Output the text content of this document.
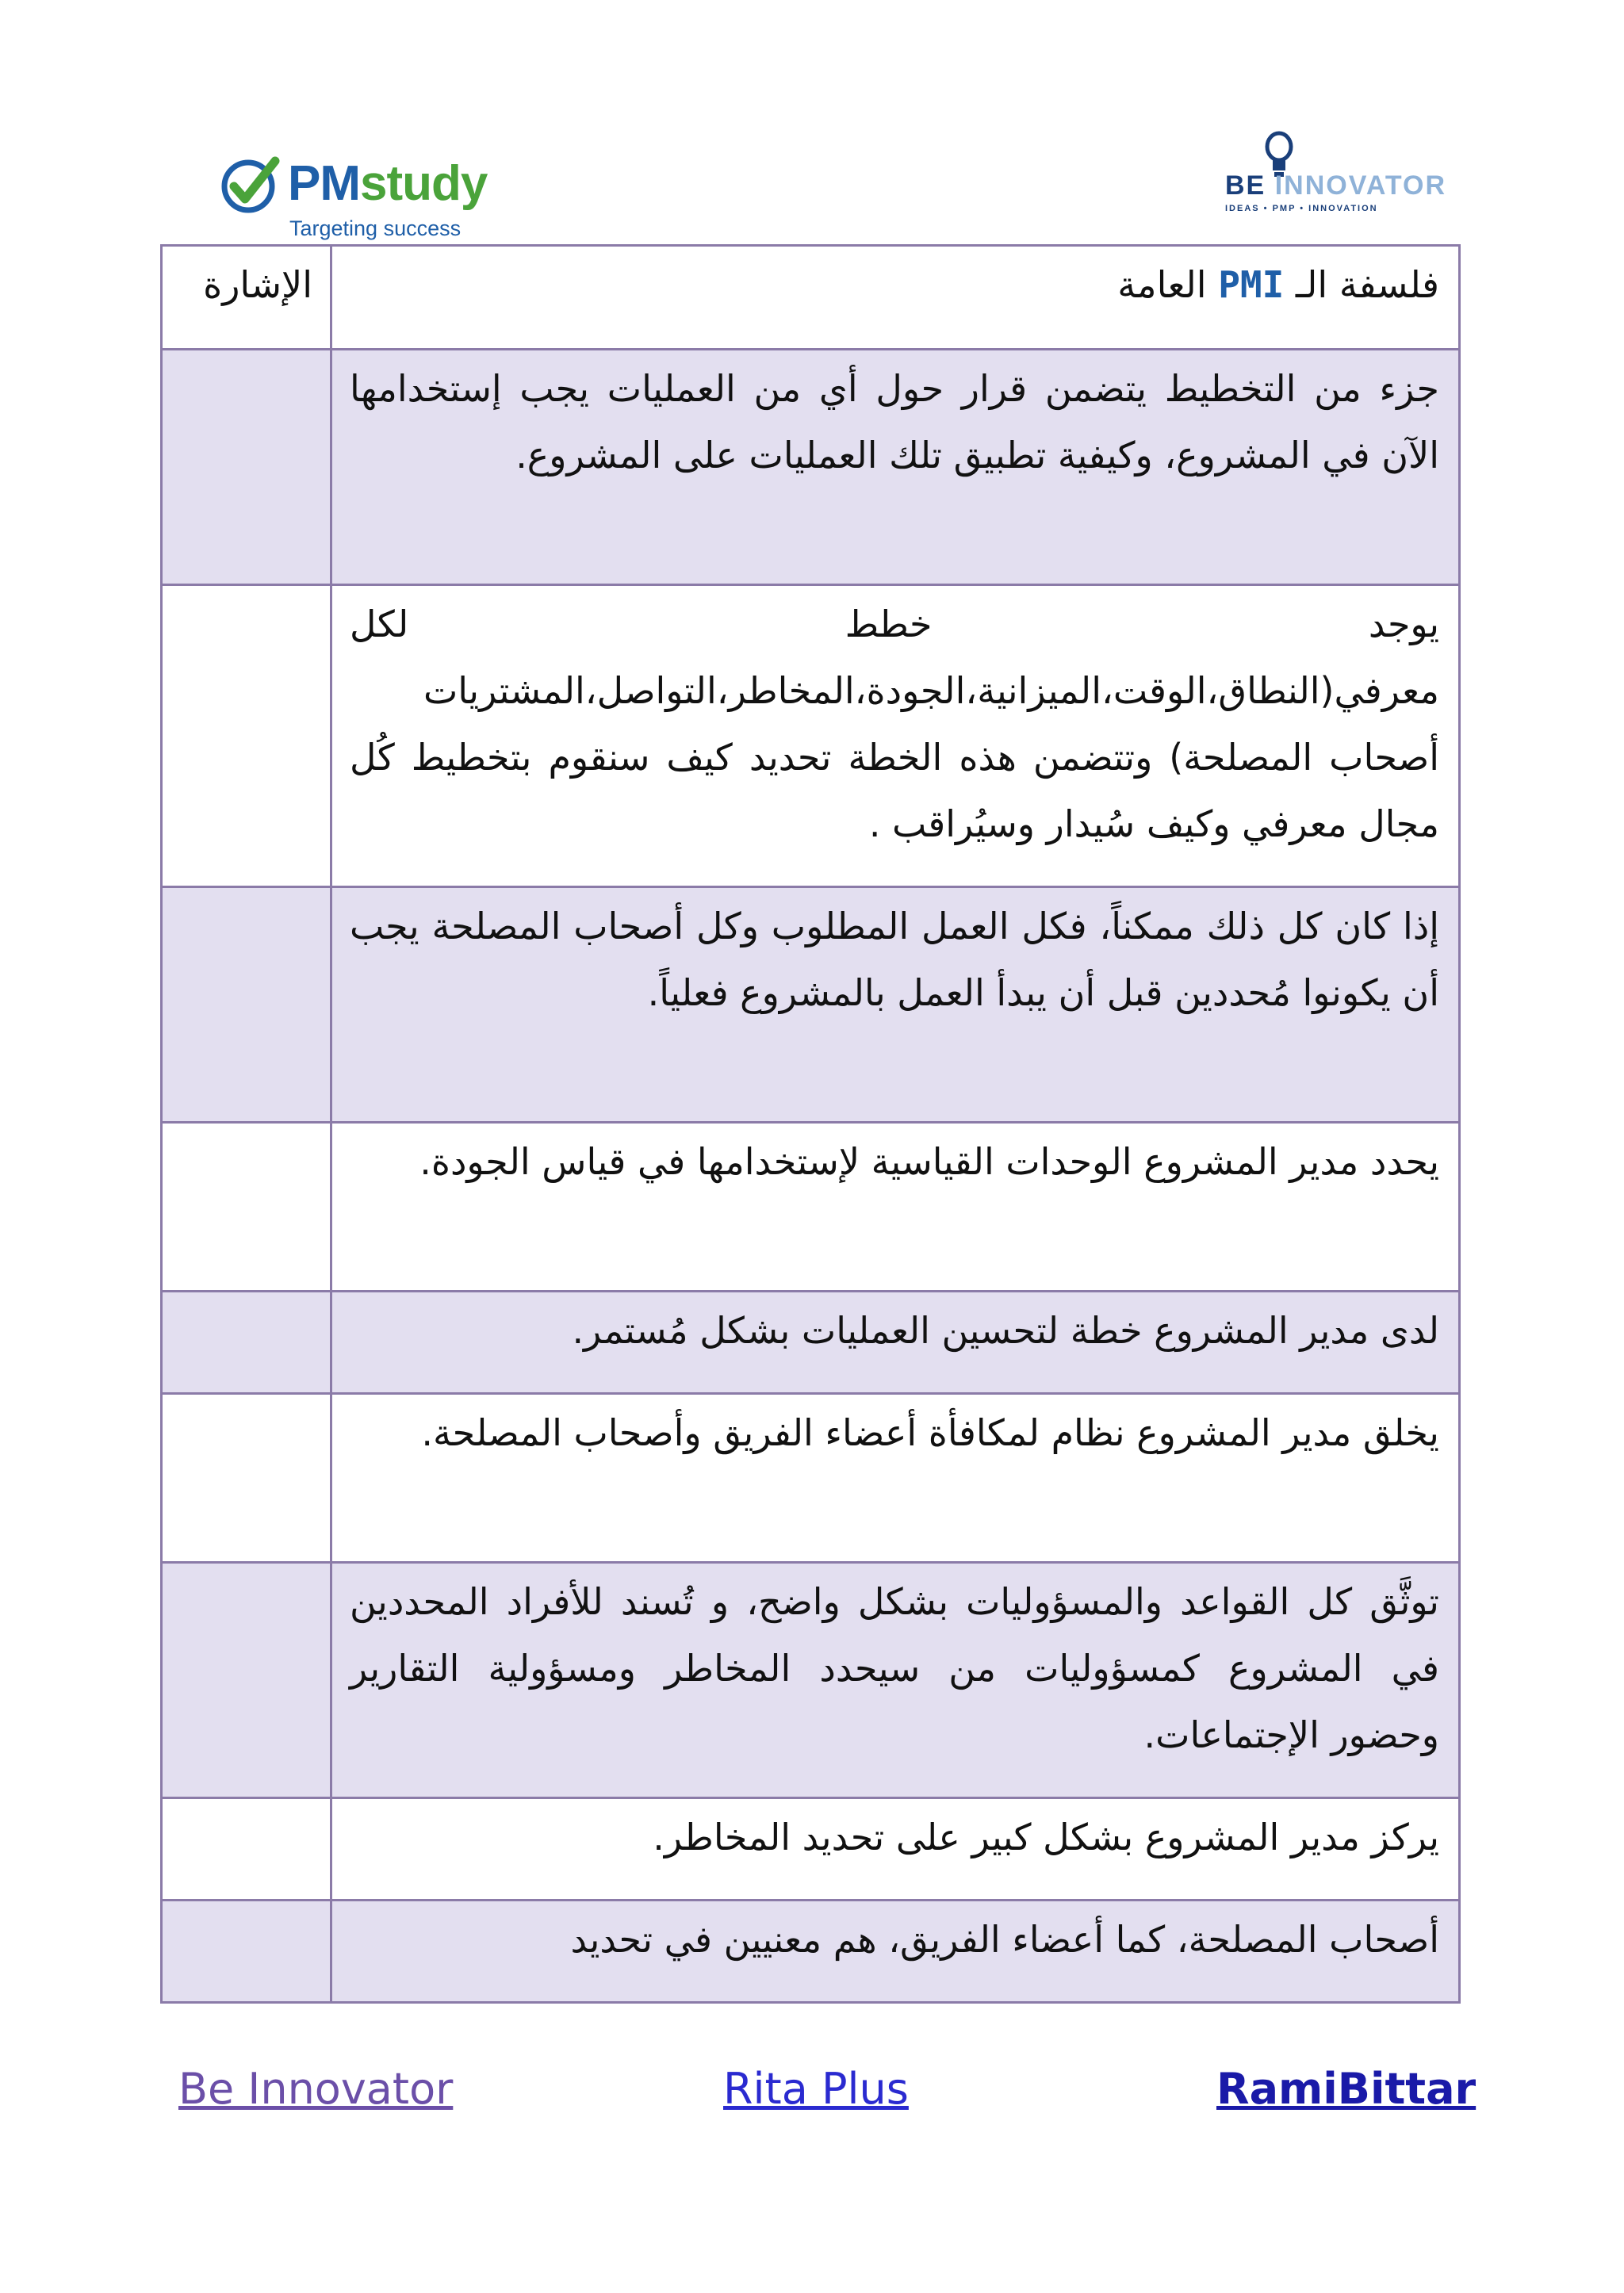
PMstudy
Targeting success
BE INNOVATOR
IDEAS • PMP • INNOVATION
الإشارة	فلسفة الـ PMI العامة

	جزء من التخطيط يتضمن قرار حول أي من العمليات يجب إستخدامها الآن في المشروع، وكيفية تطبيق تلك العمليات على المشروع.

	يوجد خطط لكل معرفي(النطاق،الوقت،الميزانية،الجودة،المخاطر،التواصل،المشتريات أصحاب المصلحة) وتتضمن هذه الخطة تحديد كيف سنقوم بتخطيط كُل مجال معرفي وكيف سُيدار وسيُراقب .

	إذا كان كل ذلك ممكناً، فكل العمل المطلوب وكل أصحاب المصلحة يجب أن يكونوا مُحددين قبل أن يبدأ العمل بالمشروع فعلياً.

	يحدد مدير المشروع الوحدات القياسية لإستخدامها في قياس الجودة.

	لدى مدير المشروع خطة لتحسين العمليات بشكل مُستمر.

	يخلق مدير المشروع نظام لمكافأة أعضاء الفريق وأصحاب المصلحة.

	توثَّق كل القواعد والمسؤوليات بشكل واضح، و تُسند للأفراد المحددين في المشروع كمسؤوليات من سيحدد المخاطر ومسؤولية التقارير وحضور الإجتماعات.

	يركز مدير المشروع بشكل كبير على تحديد المخاطر.

	أصحاب المصلحة، كما أعضاء الفريق، هم معنيين في تحديد
Be Innovator	Rita Plus	RamiBittar
